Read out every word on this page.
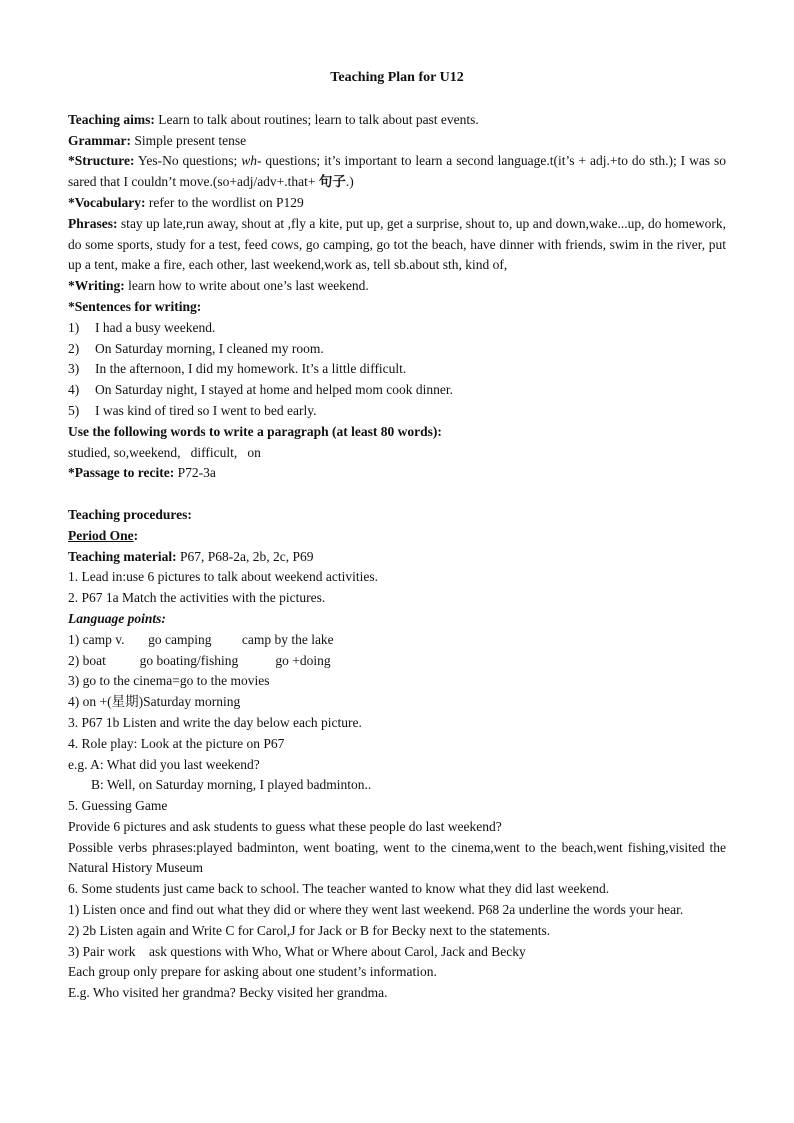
Teaching Plan for U12
Teaching aims: Learn to talk about routines; learn to talk about past events.
Grammar: Simple present tense
*Structure: Yes-No questions; wh- questions; it’s important to learn a second language.t(it’s + adj.+to do sth.); I was so sared that I couldn’t move.(so+adj/adv+.that+ 句子.)
*Vocabulary: refer to the wordlist on P129
Phrases: stay up late,run away, shout at ,fly a kite, put up, get a surprise, shout to, up and down,wake...up, do homework, do some sports, study for a test, feed cows, go camping, go tot the beach, have dinner with friends, swim in the river, put up a tent, make a fire, each other, last weekend,work as, tell sb.about sth, kind of,
*Writing: learn how to write about one’s last weekend.
*Sentences for writing:
1) I had a busy weekend.
2) On Saturday morning, I cleaned my room.
3) In the afternoon, I did my homework. It’s a little difficult.
4) On Saturday night, I stayed at home and helped mom cook dinner.
5) I was kind of tired so I went to bed early.
Use the following words to write a paragraph (at least 80 words):
studied, so,weekend,   difficult,   on
*Passage to recite: P72-3a
Teaching procedures:
Period One:
Teaching material: P67, P68-2a, 2b, 2c, P69
1. Lead in:use 6 pictures to talk about weekend activities.
2. P67 1a Match the activities with the pictures.
Language points:
1) camp v.       go camping         camp by the lake
2) boat          go boating/fishing           go +doing
3) go to the cinema=go to the movies
4) on +(星期)Saturday morning
3. P67 1b Listen and write the day below each picture.
4. Role play: Look at the picture on P67
e.g. A: What did you last weekend?
B: Well, on Saturday morning, I played badminton..
5. Guessing Game
Provide 6 pictures and ask students to guess what these people do last weekend?
Possible verbs phrases:played badminton, went boating, went to the cinema,went to the beach,went fishing,visited the Natural History Museum
6. Some students just came back to school. The teacher wanted to know what they did last weekend.
1) Listen once and find out what they did or where they went last weekend. P68 2a underline the words your hear.
2) 2b Listen again and Write C for Carol,J for Jack or B for Becky next to the statements.
3) Pair work    ask questions with Who, What or Where about Carol, Jack and Becky
Each group only prepare for asking about one student’s information.
E.g. Who visited her grandma? Becky visited her grandma.
